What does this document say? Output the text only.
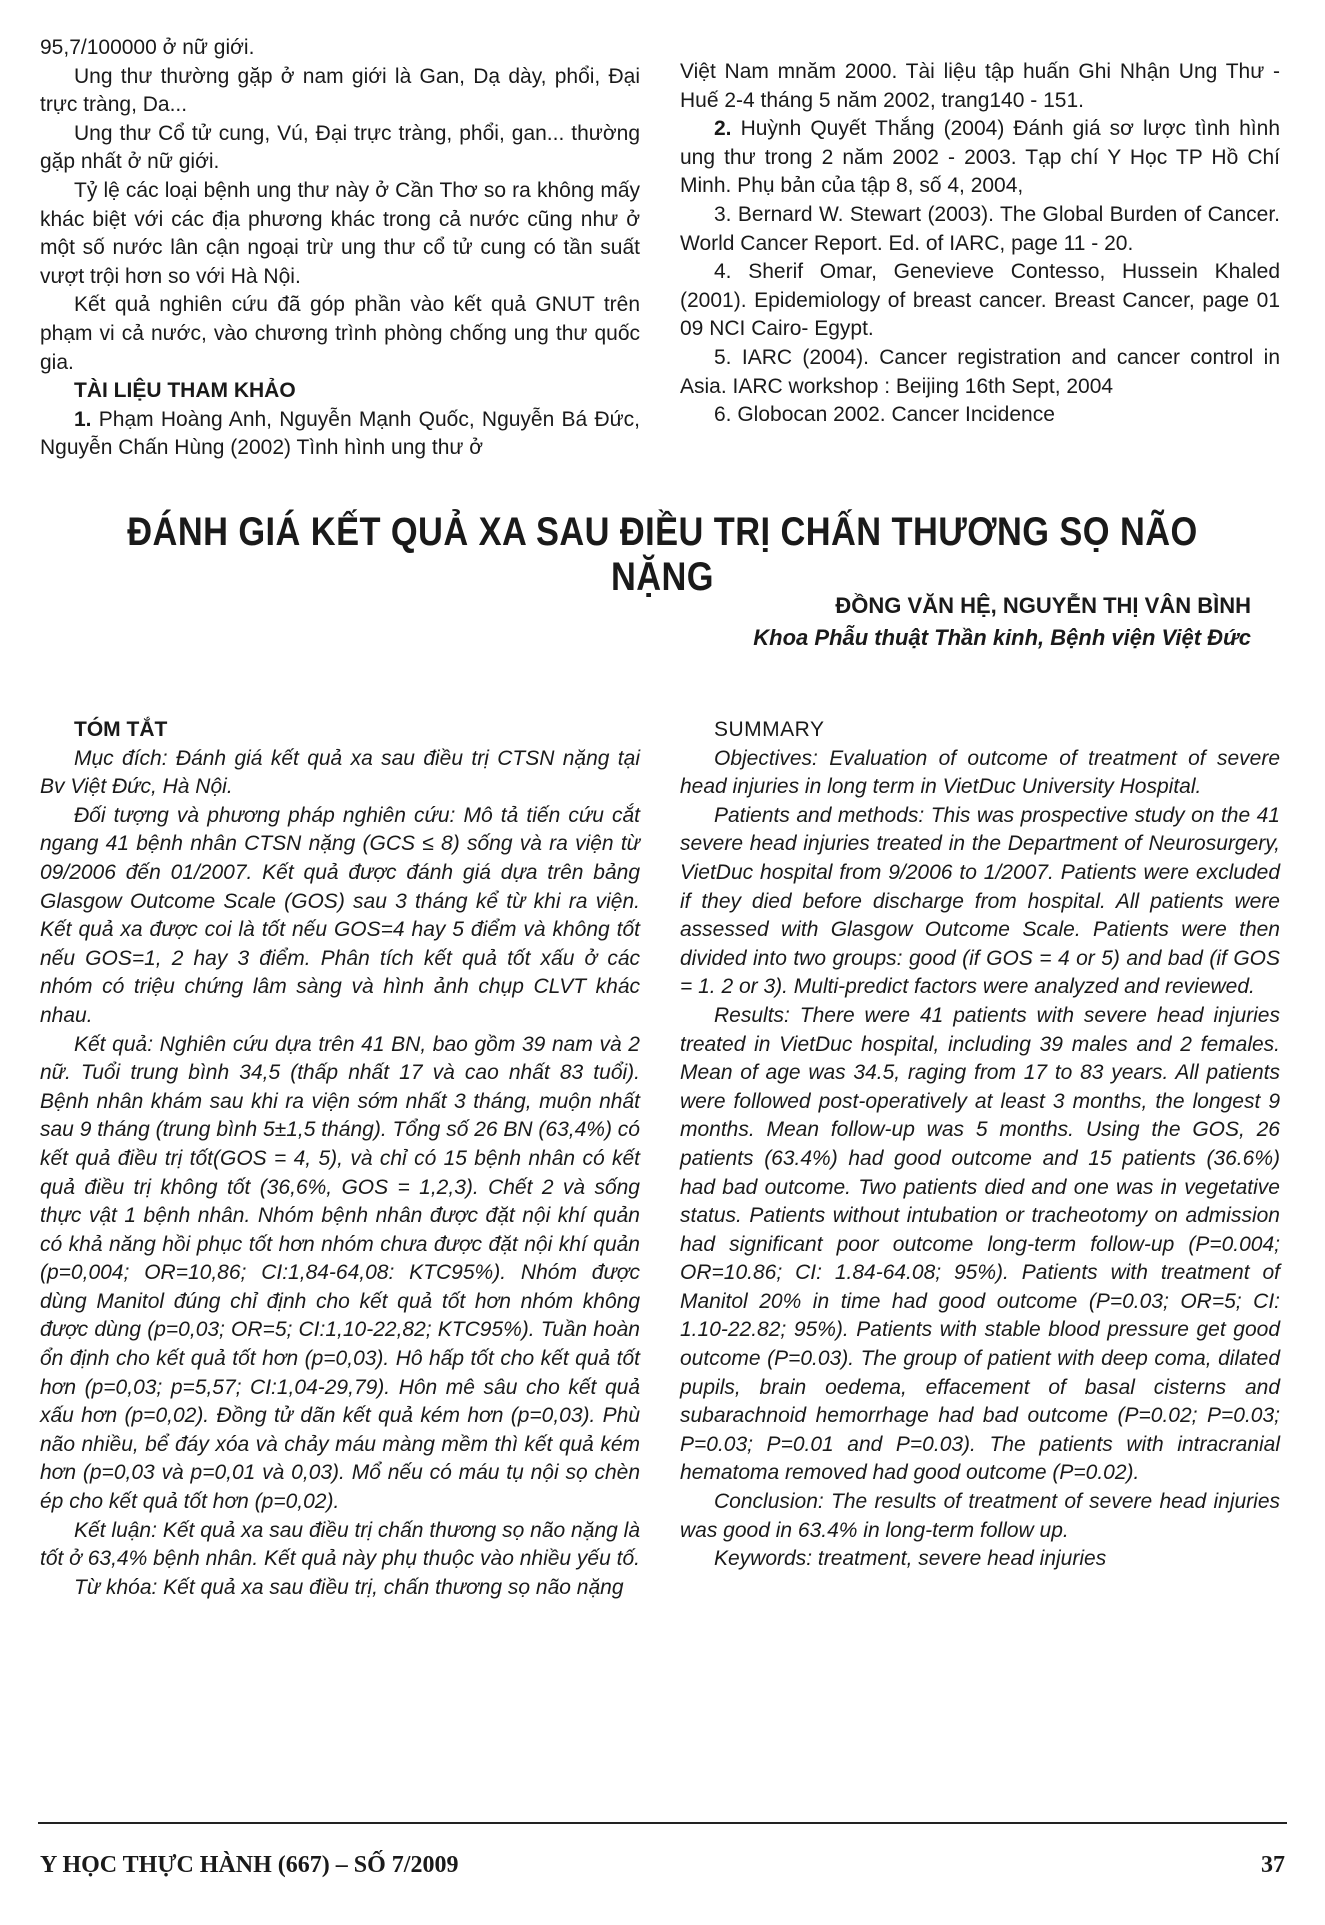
95,7/100000 ở nữ giới.

Ung thư thường gặp ở nam giới là Gan, Dạ dày, phổi, Đại trực tràng, Da...

Ung thư Cổ tử cung, Vú, Đại trực tràng, phổi, gan... thường gặp nhất ở nữ giới.

Tỷ lệ các loại bệnh ung thư này ở Cần Thơ so ra không mấy khác biệt với các địa phương khác trong cả nước cũng như ở một số nước lân cận ngoại trừ ung thư cổ tử cung có tần suất vượt trội hơn so với Hà Nội.

Kết quả nghiên cứu đã góp phần vào kết quả GNUT trên phạm vi cả nước, vào chương trình phòng chống ung thư quốc gia.

TÀI LIỆU THAM KHẢO

1. Phạm Hoàng Anh, Nguyễn Mạnh Quốc, Nguyễn Bá Đức, Nguyễn Chấn Hùng (2002) Tình hình ung thư ở

Việt Nam mnăm 2000. Tài liệu tập huấn Ghi Nhận Ung Thư - Huế 2-4 tháng 5 năm 2002, trang140 - 151.

2. Huỳnh Quyết Thắng (2004) Đánh giá sơ lược tình hình ung thư trong 2 năm 2002 - 2003. Tạp chí Y Học TP Hồ Chí Minh. Phụ bản của tập 8, số 4, 2004,

3. Bernard W. Stewart (2003). The Global Burden of Cancer. World Cancer Report. Ed. of IARC, page 11 - 20.

4. Sherif Omar, Genevieve Contesso, Hussein Khaled (2001). Epidemiology of breast cancer. Breast Cancer, page 01 09 NCI Cairo- Egypt.

5. IARC (2004). Cancer registration and cancer control in Asia. IARC workshop : Beijing 16th Sept, 2004

6. Globocan 2002. Cancer Incidence

ĐÁNH GIÁ KẾT QUẢ XA SAU ĐIỀU TRỊ CHẤN THƯƠNG SỌ NÃO NẶNG
ĐỒNG VĂN HỆ, NGUYỄN THỊ VÂN BÌNH
Khoa Phẫu thuật Thần kinh, Bệnh viện Việt Đức

TÓM TẮT

Mục đích: Đánh giá kết quả xa sau điều trị CTSN nặng tại Bv Việt Đức, Hà Nội.

Đối tượng và phương pháp nghiên cứu: Mô tả tiến cứu cắt ngang 41 bệnh nhân CTSN nặng (GCS ≤ 8) sống và ra viện từ 09/2006 đến 01/2007. Kết quả được đánh giá dựa trên bảng Glasgow Outcome Scale (GOS) sau 3 tháng kể từ khi ra viện. Kết quả xa được coi là tốt nếu GOS=4 hay 5 điểm và không tốt nếu GOS=1, 2 hay 3 điểm. Phân tích kết quả tốt xấu ở các nhóm có triệu chứng lâm sàng và hình ảnh chụp CLVT khác nhau.

Kết quả: Nghiên cứu dựa trên 41 BN, bao gồm 39 nam và 2 nữ. Tuổi trung bình 34,5 (thấp nhất 17 và cao nhất 83 tuổi). Bệnh nhân khám sau khi ra viện sớm nhất 3 tháng, muộn nhất sau 9 tháng (trung bình 5±1,5 tháng). Tổng số 26 BN (63,4%) có kết quả điều trị tốt(GOS = 4, 5), và chỉ có 15 bệnh nhân có kết quả điều trị không tốt (36,6%, GOS = 1,2,3). Chết 2 và sống thực vật 1 bệnh nhân. Nhóm bệnh nhân được đặt nội khí quản có khả năng hồi phục tốt hơn nhóm chưa được đặt nội khí quản (p=0,004; OR=10,86; CI:1,84-64,08: KTC95%). Nhóm được dùng Manitol đúng chỉ định cho kết quả tốt hơn nhóm không được dùng (p=0,03; OR=5; CI:1,10-22,82; KTC95%). Tuần hoàn ổn định cho kết quả tốt hơn (p=0,03). Hô hấp tốt cho kết quả tốt hơn (p=0,03; p=5,57; CI:1,04-29,79). Hôn mê sâu cho kết quả xấu hơn (p=0,02). Đồng tử dãn kết quả kém hơn (p=0,03). Phù não nhiều, bể đáy xóa và chảy máu màng mềm thì kết quả kém hơn (p=0,03 và p=0,01 và 0,03). Mổ nếu có máu tụ nội sọ chèn ép cho kết quả tốt hơn (p=0,02).

Kết luận: Kết quả xa sau điều trị chấn thương sọ não nặng là tốt ở 63,4% bệnh nhân. Kết quả này phụ thuộc vào nhiều yếu tố.

Từ khóa: Kết quả xa sau điều trị, chấn thương sọ não nặng

SUMMARY

Objectives: Evaluation of outcome of treatment of severe head injuries in long term in VietDuc University Hospital.

Patients and methods: This was prospective study on the 41 severe head injuries treated in the Department of Neurosurgery, VietDuc hospital from 9/2006 to 1/2007. Patients were excluded if they died before discharge from hospital. All patients were assessed with Glasgow Outcome Scale. Patients were then divided into two groups: good (if GOS = 4 or 5) and bad (if GOS = 1. 2 or 3). Multi-predict factors were analyzed and reviewed.

Results: There were 41 patients with severe head injuries treated in VietDuc hospital, including 39 males and 2 females. Mean of age was 34.5, raging from 17 to 83 years. All patients were followed post-operatively at least 3 months, the longest 9 months. Mean follow-up was 5 months. Using the GOS, 26 patients (63.4%) had good outcome and 15 patients (36.6%) had bad outcome. Two patients died and one was in vegetative status. Patients without intubation or tracheotomy on admission had significant poor outcome long-term follow-up (P=0.004; OR=10.86; CI: 1.84-64.08; 95%). Patients with treatment of Manitol 20% in time had good outcome (P=0.03; OR=5; CI: 1.10-22.82; 95%). Patients with stable blood pressure get good outcome (P=0.03). The group of patient with deep coma, dilated pupils, brain oedema, effacement of basal cisterns and subarachnoid hemorrhage had bad outcome (P=0.02; P=0.03; P=0.03; P=0.01 and P=0.03). The patients with intracranial hematoma removed had good outcome (P=0.02).

Conclusion: The results of treatment of severe head injuries was good in 63.4% in long-term follow up.

Keywords: treatment, severe head injuries

Y HỌC THỰC HÀNH (667) – SỐ 7/2009	37
